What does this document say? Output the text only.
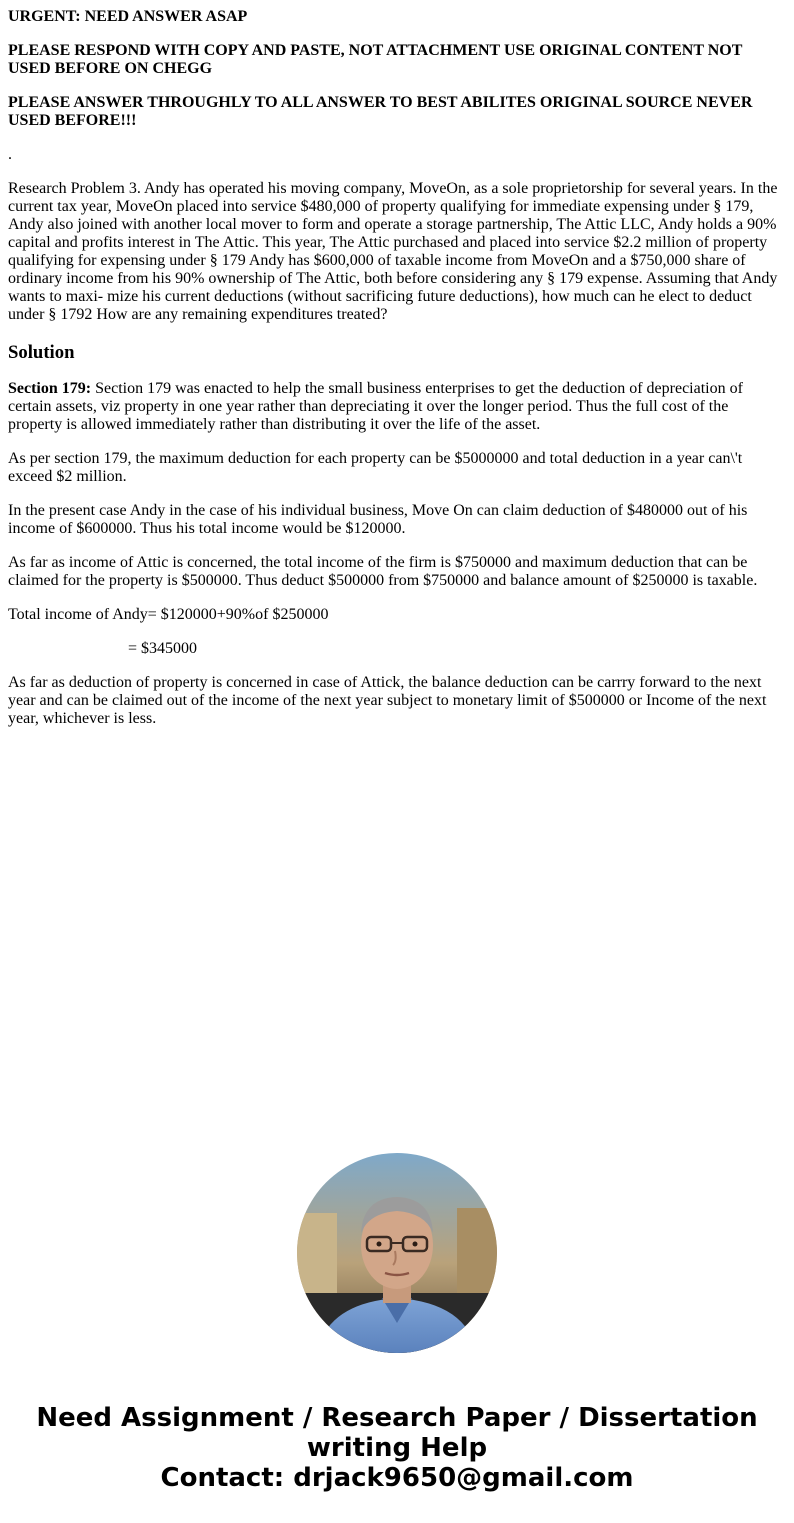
URGENT: NEED ANSWER ASAP

PLEASE RESPOND WITH COPY AND PASTE, NOT ATTACHMENT USE ORIGINAL CONTENT NOT USED BEFORE ON CHEGG

PLEASE ANSWER THROUGHLY TO ALL ANSWER TO BEST ABILITES ORIGINAL SOURCE NEVER USED BEFORE!!!

.

Research Problem 3. Andy has operated his moving company, MoveOn, as a sole proprietorship for several years. In the current tax year, MoveOn placed into service $480,000 of property qualifying for immediate expensing under § 179, Andy also joined with another local mover to form and operate a storage partnership, The Attic LLC, Andy holds a 90% capital and profits interest in The Attic. This year, The Attic purchased and placed into service $2.2 million of property qualifying for expensing under § 179 Andy has $600,000 of taxable income from MoveOn and a $750,000 share of ordinary income from his 90% ownership of The Attic, both before considering any § 179 expense. Assuming that Andy wants to maxi- mize his current deductions (without sacrificing future deductions), how much can he elect to deduct under § 1792 How are any remaining expenditures treated?

Solution

Section 179: Section 179 was enacted to help the small business enterprises to get the deduction of depreciation of certain assets, viz property in one year rather than depreciating it over the longer period. Thus the full cost of the property is allowed immediately rather than distributing it over the life of the asset.

As per section 179, the maximum deduction for each property can be $5000000 and total deduction in a year can\'t exceed $2 million.

In the present case Andy in the case of his individual business, Move On can claim deduction of $480000 out of his income of $600000. Thus his total income would be $120000.

As far as income of Attic is concerned, the total income of the firm is $750000 and maximum deduction that can be claimed for the property is $500000. Thus deduct $500000 from $750000 and balance amount of $250000 is taxable.

Total income of Andy= $120000+90%of $250000

= $345000

As far as deduction of property is concerned in case of Attick, the balance deduction can be carrry forward to the next year and can be claimed out of the income of the next year subject to monetary limit of $500000 or Income of the next year, whichever is less.

Need Assignment / Research Paper / Dissertation
writing Help
Contact: drjack9650@gmail.com
